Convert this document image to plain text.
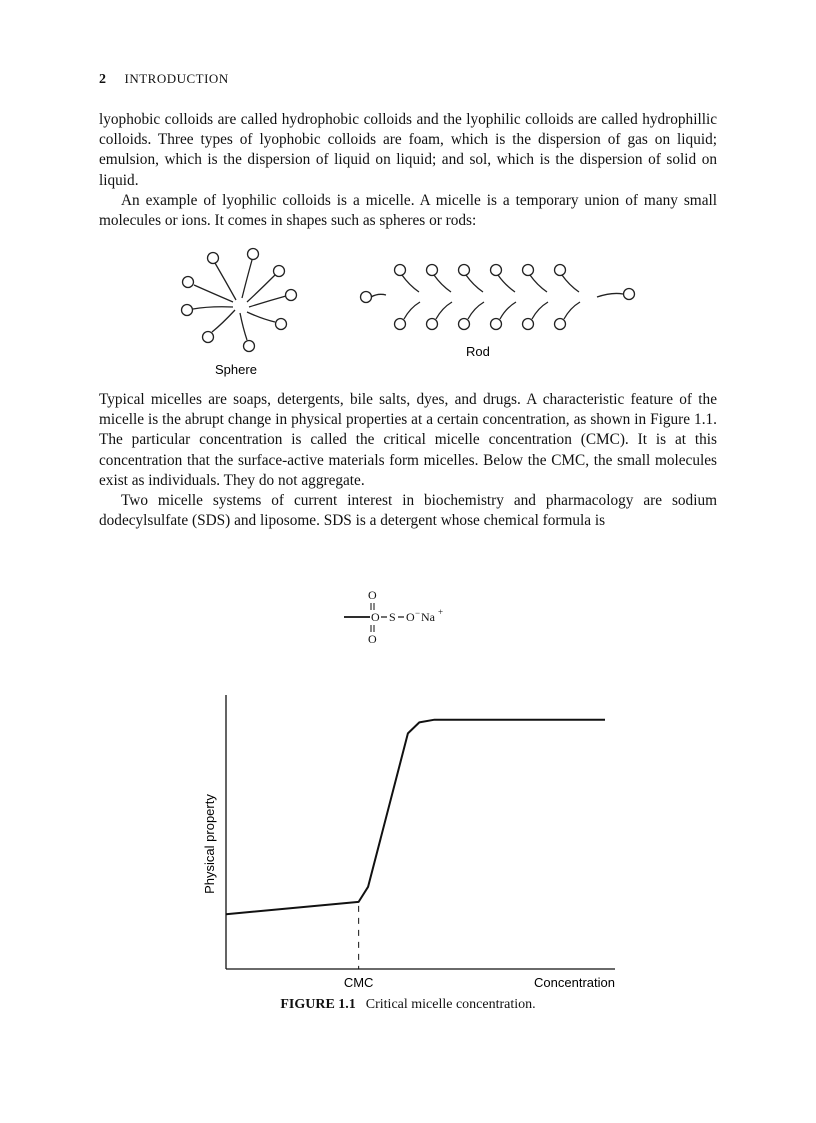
2 INTRODUCTION

lyophobic colloids are called hydrophobic colloids and the lyophilic colloids are called hydrophillic colloids. Three types of lyophobic colloids are foam, which is the dispersion of gas on liquid; emulsion, which is the dispersion of liquid on liquid; and sol, which is the dispersion of solid on liquid.

An example of lyophilic colloids is a micelle. A micelle is a temporary union of many small molecules or ions. It comes in shapes such as spheres or rods:

Sphere
Rod

Typical micelles are soaps, detergents, bile salts, dyes, and drugs. A characteristic feature of the micelle is the abrupt change in physical properties at a certain concentration, as shown in Figure 1.1. The particular concentration is called the critical micelle concentration (CMC). It is at this concentration that the surface-active materials form micelles. Below the CMC, the small molecules exist as individuals. They do not aggregate.

Two micelle systems of current interest in biochemistry and pharmacology are sodium dodecylsulfate (SDS) and liposome. SDS is a detergent whose chemical formula is

O
O S O − Na +
O
CMC	Concentration
Physical property
FIGURE 1.1 Critical micelle concentration.
